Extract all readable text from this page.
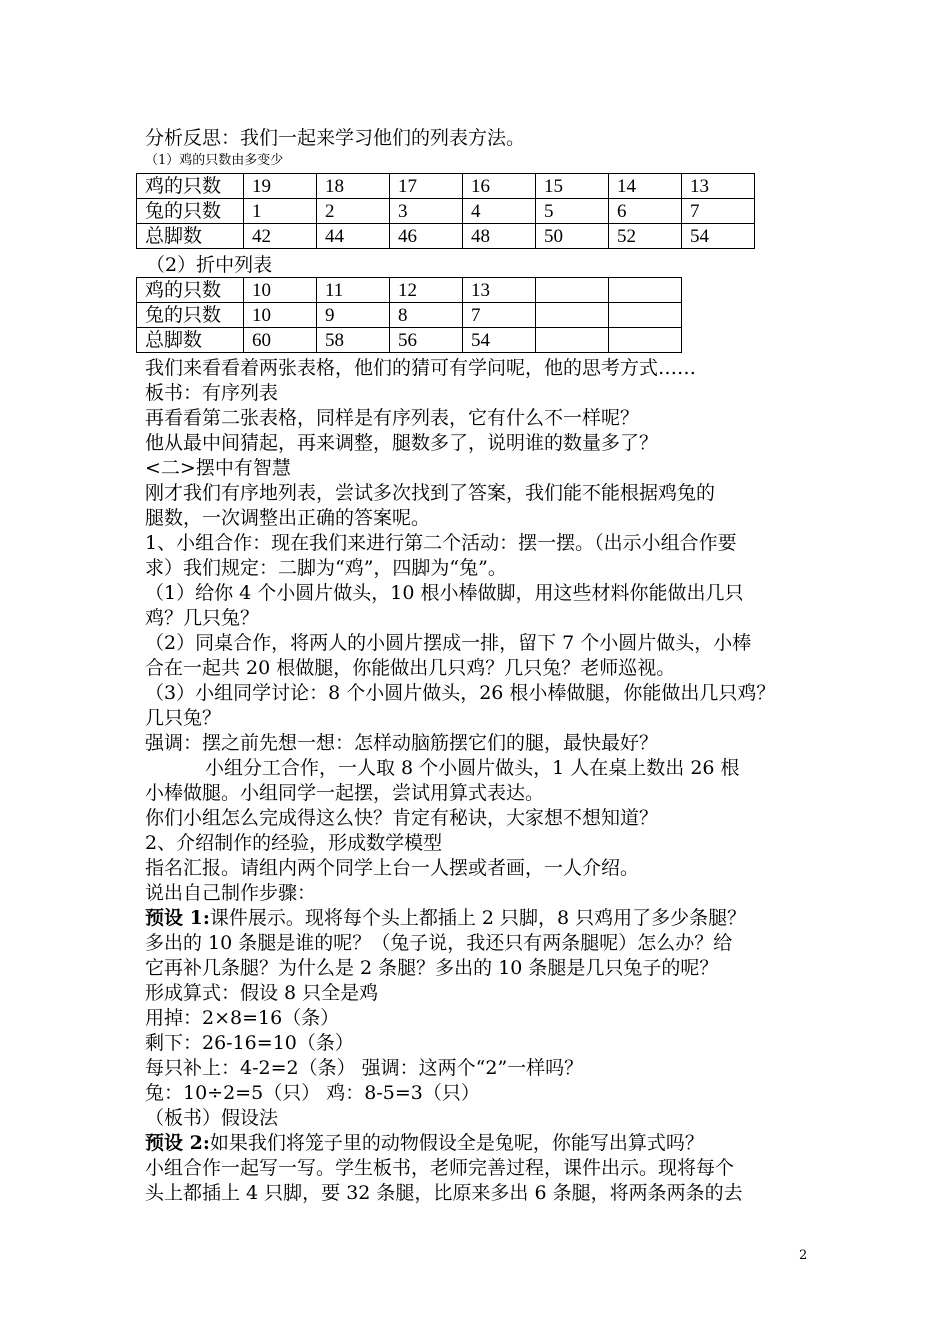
分析反思：我们一起来学习他们的列表方法。
（1）鸡的只数由多变少
鸡的只数	19	18	17	16	15	14	13
兔的只数	1	2	3	4	5	6	7
总脚数	42	44	46	48	50	52	54
（2）折中列表
鸡的只数	10	11	12	13		
兔的只数	10	9	8	7		
总脚数	60	58	56	54		
我们来看看着两张表格，他们的猜可有学问呢，他的思考方式……
板书：有序列表
再看看第二张表格，同样是有序列表，它有什么不一样呢？
他从最中间猜起，再来调整，腿数多了，说明谁的数量多了？
<二>摆中有智慧
刚才我们有序地列表，尝试多次找到了答案，我们能不能根据鸡兔的
腿数，一次调整出正确的答案呢。
1、小组合作：现在我们来进行第二个活动：摆一摆。（出示小组合作要
求）我们规定：二脚为“鸡”，四脚为“兔”。
（1）给你 4 个小圆片做头，10 根小棒做脚，用这些材料你能做出几只
鸡？几只兔？
（2）同桌合作，将两人的小圆片摆成一排，留下 7 个小圆片做头，小棒
合在一起共 20 根做腿，你能做出几只鸡？几只兔？老师巡视。
（3）小组同学讨论：8 个小圆片做头，26 根小棒做腿，你能做出几只鸡？
几只兔？
强调：摆之前先想一想：怎样动脑筋摆它们的腿，最快最好？
小组分工合作，一人取 8 个小圆片做头，1 人在桌上数出 26 根
小棒做腿。小组同学一起摆，尝试用算式表达。
你们小组怎么完成得这么快？肯定有秘诀，大家想不想知道？
2、介绍制作的经验，形成数学模型
指名汇报。请组内两个同学上台一人摆或者画，一人介绍。
说出自己制作步骤：
预设 1:课件展示。现将每个头上都插上 2 只脚，8 只鸡用了多少条腿？
多出的 10 条腿是谁的呢？（兔子说，我还只有两条腿呢）怎么办？给
它再补几条腿？为什么是 2 条腿？多出的 10 条腿是几只兔子的呢？
形成算式：假设 8 只全是鸡
用掉：2×8=16（条）
剩下：26-16=10（条）
每只补上：4-2=2（条） 强调：这两个“2”一样吗？
兔：10÷2=5（只） 鸡：8-5=3（只）
（板书）假设法
预设 2:如果我们将笼子里的动物假设全是兔呢，你能写出算式吗？
小组合作一起写一写。学生板书，老师完善过程，课件出示。现将每个
头上都插上 4 只脚，要 32 条腿，比原来多出 6 条腿，将两条两条的去
2
